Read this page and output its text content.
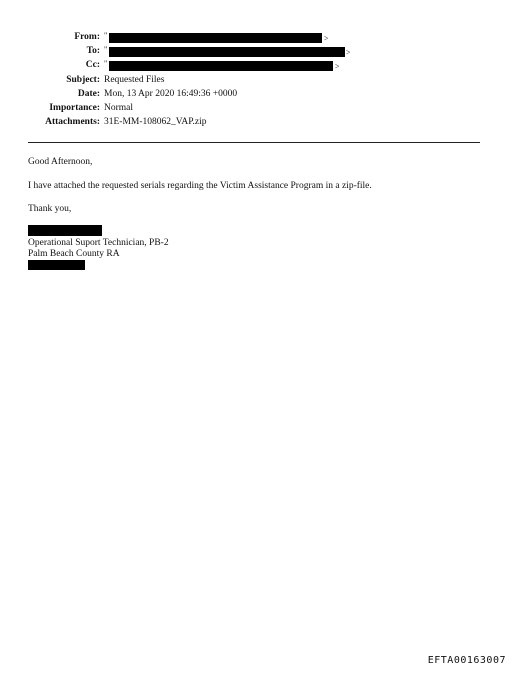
From: "	>
To: "	>
Cc: "	>
Subject: Requested Files
Date: Mon, 13 Apr 2020 16:49:36 +0000
Importance: Normal
Attachments: 31E-MM-108062_VAP.zip
Good Afternoon,
I have attached the requested serials regarding the Victim Assistance Program in a zip-file.
Thank you,
Operational Suport Technician, PB-2
Palm Beach County RA
EFTA00163007
